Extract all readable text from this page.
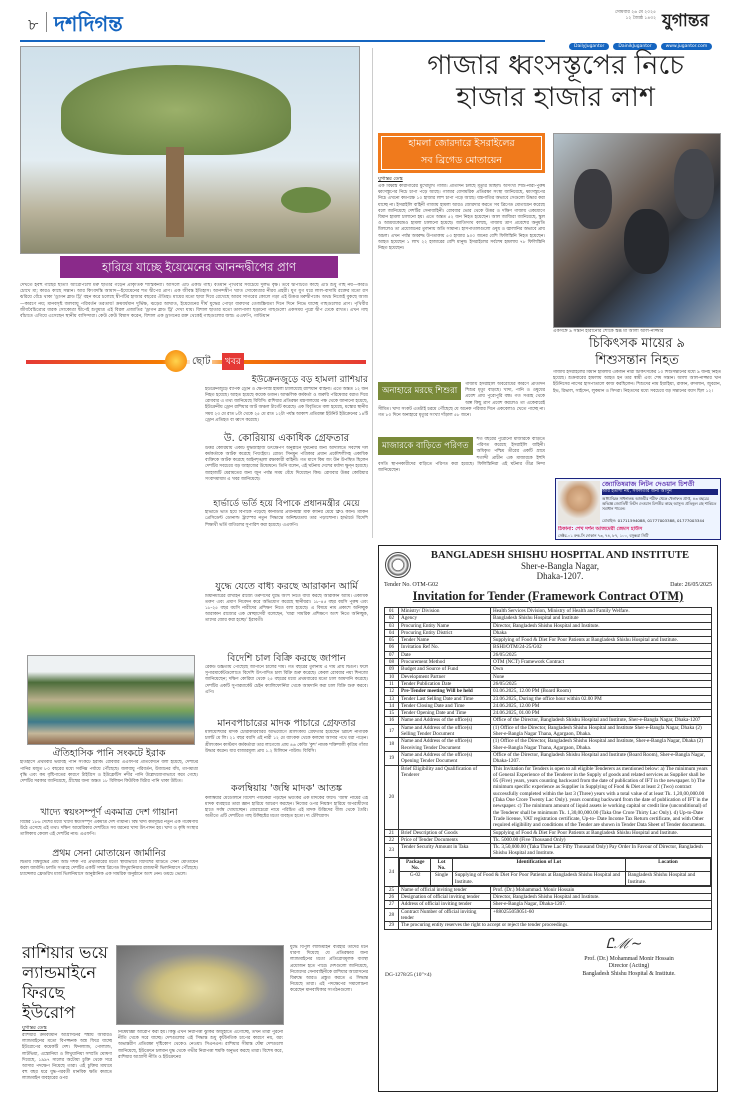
৮ দশদিগন্ত	সোমবার ২৬ মে ২০২৫
১২ জ্যৈষ্ঠ ১৪৩২ যুগান্তর
DailyJugantor	DainikJugantor	www.jugantor.com
হারিয়ে যাচ্ছে ইয়েমেনের আনন্দদ্বীপের প্রাণ
দেখতে হবহু গাছের ছাতা! আরোপলো মরু ছাতার গড়েন প্রাকৃতিক শাস্তিকন্যা। আসলে এটি একটি গাছ। বর্তমান পৃথিবীর সবচেয়ে দুর্লভ বৃক্ষ। তবে দ্বীপটিতে কাছে এটি শুধু গাছ নয়—কারও চোখে মা; কারও কাছে সন্তান। আর কিংবদন্তি আমাদ—ইয়েমেনের শত দ্বীপের প্রাণ। এক জীবন্ত ইতিহাস। আনন্দদ্বীপ খ্যাত সোকোত্রার নীরব প্রহরী। যুগ যুগ ধরে লাল-বাদামি রক্তের মতো রস ঝরিয়ে বেঁচে থাকা 'ড্রাগন ব্লাড ট্রি' বহন করে চলেছে দ্বীপটির হাজার বছরের ঐতিহ্য। মায়ের মতো ছায়া দিয়ে রেখেছে আরব সাগরের কোলে গড়া এই উত্তপ্ত মরুদ্বীপকে। অথচ নিজেই বুকছে আজ—কারণে নয়; মানবসৃষ্ট জলবায়ু পরিবর্তন তরতায়! ক্রমবর্ধমান দুর্ভিক্ষ, ঝড়ের আঘাত, ইয়েমেনের দীর্ঘ যুদ্ধের পোড়া বারুদের তেজস্ক্রিয়তা দিনে দিনে নিভে যাচ্ছে গাছগুলোর প্রাণ। পৃথিবীর জীববৈচিত্র্যের ধারক সোকোত্রা দ্বীপেই শুধুমাত্র এই বিরল প্রজাতির 'ড্রাগন ব্লাড ট্রি' দেখা যায়। বিশাল ছাতার মতো ডালপালা ছড়ানো গাছগুলো একসময় পুরো দ্বীপ ঢেকে রাখত। এখন গাছ বাঁচাতে এগিয়ে এসেছেন স্থানীয় বাসিন্দারা। কেউ কেউ বিশ্বাস করেন, বিশাল এক ড্রাগনের রক্ত থেকেই গাছগুলোর জন্ম। এএফপি, গার্ডিয়ান
ছোট	খবর
ইউক্রেনজুড়ে বড় হামলা রাশিয়ার
ইউক্রেনজুড়ে ব্যাপক ড্রোন ও ক্ষেপণাস্ত্র হামলা চালিয়েছে রাশিয়ান বাহিনী। এতে অন্তত ১২ জন নিহত হয়েছে। আহত হয়েছে কয়েক ডজন। আঞ্চলিক কর্মকর্তা ও জরুরি পরিষেবার বরাত দিয়ে রোববার এ তথ্য জানিয়েছে বিবিসি। রাশিয়ার প্রতিরক্ষা মন্ত্রণালয়ের পক্ষ থেকে জানানো হয়েছে, ইউক্রেনীয় ড্রোন রাশিয়ার আট অঞ্চল টার্গেট করেছে। এক বিবৃতিতে বলা হয়েছে, মস্কোর স্থানীয় সময় ২৩ মে রাত ৮টা থেকে ২৫ মে রাত ১২টা পর্যন্ত আকাশ প্রতিরক্ষা ইউনিট ইউক্রেনের ১৪টি ড্রোন প্রতিহত বা ধ্বংস করেছে।
উ. কোরিয়ায় একাধিক গ্রেফতার
উত্তর কোরিয়ায় একটি যুদ্ধজাহাজ উৎক্ষেপণ অনুষ্ঠানে দুর্ঘটনার জন্য আদালতে সর্বশেষ দল কর্মকর্তাকে আটক করেছে পিয়ংইয়ং। রোডং সিনমুন পত্রিকার প্রধান প্রকৌশলীসহ একাধিক ব্যক্তিকে আটক করেছে আইনশৃঙ্খলা রক্ষাকারী বাহিনী। গত মাসে কিম জং উন উপস্থিত ছিলেন দেশটির সবচেয়ে বড় জাহাজের উদ্বোধনে। তিনি বলেন, এই ঘটনায় দেশের মর্যাদা ক্ষুণ্ন হয়েছে। জাহাজটি মেরামতের জন্য জুন পর্যন্ত সময় বেঁধে দিয়েছেন কিম। রোববার উত্তর কোরিয়ার সংবাদমাধ্যম এ খবর জানিয়েছে।
হার্ভার্ডে ভর্তি হয়ে বিপাকে প্রধানমন্ত্রীর মেয়ে
হার্ভার্ডে ভর্তি হয়ে বিপাকে পড়েছে কানাডার প্রধানমন্ত্রী মার্ক কার্নির মেয়ে ক্লিও কার্নি। মার্কিন প্রেসিডেন্ট ডোনাল্ড ট্রাম্পের নতুন সিদ্ধান্তে অনিশ্চয়তায় তার পড়াশোনা। হার্ভার্ডে বিদেশি শিক্ষার্থী ভর্তি বাতিলের সুপারিশ করা হয়েছে। এএফপি।
যুদ্ধে যেতে বাধ্য করছে আরাকান আর্মি
মিয়ানমারের রাখাইন রাজ্যে তরুণদের যুদ্ধে অংশ নিতে বাধ্য করছে আরাকান আর্মি। একাধিক তরুণ এবং প্রমাণ নিবেদন করে অভিযোগ করেছে স্থানীয়রা। ১৮-৪৫ বছর বয়সি পুরুষ এবং ১৮-২৫ বছর বয়সি নারীদের প্রশিক্ষণ নিতে বলা হয়েছে। এ বিষয়ে নাম প্রকাশে অনিচ্ছুক আরাকান রাজ্যের এক স্বেচ্ছাসেবী বলেছেন, 'যারা সামরিক প্রশিক্ষণে অংশ নিতে অনিচ্ছুক, তাদের জোর করা হচ্ছে।' ইরাবতী।
বিদেশি চাল বিক্রি করছে জাপান
রেকর্ড উচ্চতায় পৌঁছেছে জাপানে চালের দাম। গত বছরের তুলনায় এ দাম প্রায় দ্বিগুণ। ফলে সুপারমার্কেটগুলোতে বিদেশি উৎপাদিত চাল বিক্রি শুরু করেছে। কেবল রোববার নয়া শিনজো জানিয়েছেন; দক্ষিণ কোরিয়া থেকে ২৫ বছরের মধ্যে প্রথমবারের মতো চাল আমদানি করেছে। দেশটির একটি সুপারমার্কেট চেইন ক্যালিফোর্নিয়া থেকে আমদানি করা চাল বিক্রি শুরু করবে। এপি।
মানবপাচারের মাদক পাচারে গ্রেফতার
মালয়েশিয়ার মাদক চোরাকারবারির অভিযোগে শ্রীলংকায় গ্রেফতার হয়েছেন ব্রিটিশ নাগরিক চার্লট মে লি। ২১ বছর বয়সি এই নারী ১২ মে ব্যাংকক থেকে কলম্বো আসার পথে ধরা পড়েন। শ্রীলংকান কাস্টমস কর্মকর্তারা তার লাগেজে প্রায় ৪৬ কেজি 'কুশ' নামক শক্তিশালী কৃত্রিম গাঁজা উদ্ধার করেন। যার বাজারমূল্য প্রায় ১.২ মিলিয়ন পাউন্ড। বিবিসি।
কলম্বিয়ায় 'জম্বি মাদক' আতঙ্ক
কলম্বিয়ার মেডেলিনে বিদেশি পর্যটকরা পড়ছেন ভয়ংকর এক মাদকের ফাঁদে। 'জম্বি' নামের এই মাদক ব্যবহারে তারা জ্ঞান হারিয়ে আচরণ করছেন। নিজের ওপর নিয়ন্ত্রণ হারিয়ে অপরাধীদের হাতে সর্বস্ব খোয়াচ্ছেন। বোরাচেরো নামে পরিচিত এই মাদক উদ্ভিদের বীজ থেকে তৈরি। অতীতে এটি দেশটিতে গাছ উচ্ছিষ্টের মতো ব্যবহৃত হতো। দ্য টেলিগ্রাফ।
ঐতিহাসিক পানি সংকটে ইরাক
ইতিহাসে প্রথমবার ভয়াবহ পানি সংকটে ইরাক। রোববার এএফপির প্রতিবেদনে বলা হয়েছে, দেশটির পানির মজুত ৮০ বছরের মধ্যে সর্বনিম্ন পর্যায়ে পৌঁছেছে। জলবায়ু পরিবর্তন, উজানের বাঁধ, তাপমাত্রা বৃদ্ধি এবং কম বৃষ্টিপাতের কারণে টাইগ্রিস ও ইউফ্রেটিস নদীর পানি উল্লেখযোগ্যভাবে কমে গেছে। দেশটির সরকার জানিয়েছে, গ্রীষ্মের জন্য অন্তত ১৮ বিলিয়ন কিউবিক মিটার পানি থাকা উচিত।
খাদ্যে স্বয়ংসম্পূর্ণ একমাত্র দেশ গায়ানা
বিশ্বের ১৮৬ দেশের মধ্যে খাদ্যে স্বয়ংসম্পূর্ণ একমাত্র দেশ গায়ানা। বিশ্ব খাদ্য কর্মসূচির নতুন এক গবেষণায় উঠে এসেছে এই তথ্য। দক্ষিণ আমেরিকার দেশটিতে সব ধরনের খাদ্য উৎপাদন হয়। খাদ্য ও কৃষি সংস্থার তালিকায় কেবল এই দেশটির নাম। এএফপি।
প্রথম সেনা মোতায়েন জার্মানির
দ্বিতীয় বিশ্বযুদ্ধের প্রায় আট দশক পর প্রথমবারের মতো স্থায়ীভাবে বিদেশের মাটিতে সেনা মোতায়েন করল জার্মানি। চলতি সপ্তাহে দেশটির একটি সশস্ত্র ব্রিগেড লিথুয়ানিয়ার রাজধানী ভিলনিয়াসে পৌঁছেছে। চ্যান্সেলর ফ্রেডরিখ মার্জ ভিলনিয়াসে আনুষ্ঠানিক এক সামরিক অনুষ্ঠানে অংশ নেন। ডয়চে ভেলে।
রাশিয়ার ভয়ে ল্যান্ডমাইনে ফিরছে ইউরোপ
যুগান্তর ডেস্ক
রাশিয়ার ক্রমবর্ধমান আগ্রাসনের শঙ্কায় আবারও ল্যান্ডমাইনের মতো বিপজ্জনক অস্ত্র ফিরে যাচ্ছে ইউরোপের কয়েকটি দেশ। ফিনল্যান্ড, পোল্যান্ড, লাটভিয়া, এস্তোনিয়া ও লিথুয়ানিয়া সম্প্রতি ঘোষণা দিয়েছে, ১৯৯৭ সালের অটোয়া চুক্তি থেকে সরে আসার পদক্ষেপ নিয়েছে তারা। এই চুক্তির মাধ্যমে বহু বছর ধরে যুদ্ধ-পরবর্তী মানবিক ক্ষতি কমাতে ল্যান্ডমাইন ব্যবহারের ওপর
নিষেধাজ্ঞা আরোপ করা হয়। কিন্তু এখন নিরাপত্তা ঝুঁকির অজুহাতে এগোচ্ছে, তখন তারা পুরনো নীতি থেকে সরে যাচ্ছে। দেশগুলোর এই সিদ্ধান্ত শুধু কূটনৈতিক চাপের কারণে নয়, বরং অভ্যন্তরীণ প্রতিরক্ষা দৃষ্টিকোণ থেকেও নেওয়া। সিএনএন। রাশিয়ার সীমান্ত ঘেঁষা দেশগুলো জানিয়েছে, ইউক্রেনে চলমান যুদ্ধ থেকে গভীর নিরাপত্তা হুমকি অনুভব করছে তারা। বিশেষ করে, রাশিয়ার আগ্রাসী নীতি ও ইউক্রেনের
যুদ্ধে বিপুল ল্যান্ডমাইন ব্যবহার তাদের মনে ধারণা দিয়েছে যে প্রতিরক্ষার জন্য ল্যান্ডমাইনের মতো প্রতিরোধমূলক ব্যবস্থা প্রয়োজন হতে পারে। দেশগুলো জানিয়েছে, নিজেদের সেনাবাহিনীকে রাশিয়ার আগ্রাসনের বিরুদ্ধে আরও প্রস্তুত করতে এ সিদ্ধান্ত নিয়েছে তারা। এই পদক্ষেপের সমালোচনা করেছেন মানবাধিকার সংগঠনগুলো।
গাজার ধ্বংসস্তূপের নিচে
হাজার হাজার লাশ
হামলা জোরদারে ইসরাইলের
সব ব্রিগেড মোতায়েন
যুগান্তর ডেস্ক
এক বিধ্বস্ত কারাগারের মুখোমুখি গাজা। প্রতিদিন চলছে মৃত্যুর মিছিল। অসংখ্য শিশু-নারী-পুরুষ ধ্বংসস্তূপের নিচে চাপা পড়ে আছে। গাজার বেসামরিক প্রতিরক্ষা সংস্থা জানিয়েছে, ধ্বংসস্তূপের নিচে এখনো কমপক্ষে ১০ হাজার লাশ চাপা পড়ে আছে। যন্ত্রপাতির অভাবে সেগুলো উদ্ধার করা যাচ্ছে না। ইসরাইলি বাহিনী গাজায় হামলা আরও জোরদার করতে সব ব্রিগেড মোতায়েন করেছে বলে জানিয়েছে দেশটির সেনাবাহিনী। রোববার ভোর থেকে উত্তর ও দক্ষিণ গাজায় একযোগে বিমান হামলা চালানো হয়। এতে অন্তত ৫২ জন নিহত হয়েছেন। আল জাজিরা জানিয়েছে, স্কুল ও আশ্রয়কেন্দ্রেও হামলা চালানো হয়েছে। জাতিসংঘ বলছে, গাজায় ত্রাণ প্রবেশের অনুমতি মিললেও তা প্রয়োজনের তুলনায় অতি সামান্য। হাসপাতালগুলো ওষুধ ও জ্বালানির অভাবে প্রায় অচল। এখন পর্যন্ত অবরুদ্ধ উপত্যকায় ৫৩ হাজার ৯০০ জনের বেশি ফিলিস্তিনি নিহত হয়েছেন। আহত হয়েছেন ১ লাখ ২২ হাজারের বেশি মানুষ। ইসরাইলের সর্বশেষ হামলায় ৭৮ ফিলিস্তিনি নিহত হয়েছেন।
একসঙ্গে ৯ সন্তান হারানোর শোকে স্তব্ধ মা আলা আল-নাজ্জার
চিকিৎসক মায়ের ৯
শিশুসন্তান নিহত
গাজায় ইসরাইলের বিমান হামলায় একজন নারী চিকিৎসকের ১০ শিশুসন্তানের মধ্যে ৯ জনই নিহত হয়েছে। শুক্রবারের হামলায় আহত হন তার স্বামী এবং শেষ সন্তান। আলা আল-নাজ্জার খান ইউনিসের নাসের হাসপাতালে কাজ করছিলেন। শিশুদের নাম ইয়াহিয়া, রাকান, রুসলান, জুবরান, ইভ, রিভাল, সাইদেন, লুকমান ও সিদরা। নিহতদের মধ্যে সবচেয়ে বড় সন্তানের বয়স ছিল ১২।
অনাহারে মরছে শিশুরা
গাজায় ইসরাইলি অবরোধের কারণে প্রতিদিন শিশুর মৃত্যু বাড়ছে। খাদ্য, পানি ও ওষুধের প্রবেশ প্রায় পুরোপুরি বন্ধ। গত সপ্তাহ থেকে অল্প কিছু ত্রাণ প্রবেশ করলেও তা একেবারেই সীমিত। খাদ্য সংকট এতটাই চরমে পৌঁছেছে যে অনেক পরিবার দিনে একবেলাও খেতে পাচ্ছে না। গত ৮০ দিনে অনাহারে মৃত্যুর সংখ্যা দাঁড়াল ৫৮ জনে।
মাজারকে বাড়িতে পরিণত
শত বছরের পুরোনো মাজারকে বাড়িতে পরিণত করেছে ইসরাইলি বাহিনী। অধিকৃত পশ্চিম তীরের একটি গ্রামে শতাব্দী প্রাচীন এক মাজারকে ইহুদি বসতি স্থাপনকারীদের বাড়িতে পরিণত করা হয়েছে। ফিলিস্তিনিরা এই ঘটনার তীব্র নিন্দা জানিয়েছেন।
জ্যোতিষরাজ লিটন দেওয়ান চিশতী
আর হতাশা নয়, সফলতার জন্য আসুন
আধ্যাত্মিক সাধনালব্ধ আজমীর শরীফ থেকে খেলাফত প্রাপ্ত, ৪৩ বছরের অভিজ্ঞ জ্যোতিষী লিটন দেওয়ান চিশতীর কাছে আসুন। প্রতিকূল গ্রহ শান্তিতে সমাধান পাবেন।
মোবাইল: 01711594088, 01777003388, 01777003344
ঠিকানা: শেখ দর্শন আজমেরী জেমস হাউস
সেক্টর-০১ রুক-সি দোকান ৭৩, ৭৪, ৮৭, ১০০, বসুন্ধরা সিটি
BANGLADESH SHISHU HOSPITAL AND INSTITUTE
Sher-e-Bangla Nagar,
Dhaka-1207.
Tender No. OTM-G02	Date: 26/05/2025
Invitation for Tender (Framework Contract OTM)
01	Ministry/ Division	Health Services Division, Ministry of Health and Family Welfare.
02	Agency	Bangladesh Shishu Hospital and Institute
03	Procuring Entity Name	Director, Bangladesh Shishu Hospital and Institute.
04	Procuring Entity District	Dhaka
05	Tender Name	Supplying of Food & Diet For Poor Patients at Bangladesh Shishu Hospital and Institute.
06	Invitation Ref No.	BSHI/OTM/24-25/G02
07	Date	26/05/2025
08	Procurement Method	OTM (NCT) Framework Contract
09	Budget and Source of Fund	Own
10	Development Partner	None
11	Tender Publication Date	26/05/2025
12	Pre-Tender meeting Will be held	03.06.2025, 12.00 PM (Board Room)
13	Tender Last Selling Date and Time	23.06.2025, During the office hour within 02.00 PM
14	Tender Closing Date and Time	24.06.2025, 12.00 PM
15	Tender Opening Date and Time	24.06.2025, 01.00 PM
16	Name and Address of the office(s)	Office of the Director, Bangladesh Shishu Hospital and Institute, Sher-e-Bangla Nagar, Dhaka-1207
17	Name and Address of the office(s) Selling Tender Document	(1) Office of the Director, Bangladesh Shishu Hospital and Institute Sher-e-Bangla Nagar, Dhaka (2) Sher-e-Bangla Nagar Thana, Agargaon, Dhaka.
18	Name and Address of the office(s) Receiving Tender Document	(1) Office of the Director, Bangladesh Shishu Hospital and Institute, Sher-e-Bangla Nagar, Dhaka (2) Sher-e-Bangla Nagar Thana, Agargaon, Dhaka.
19	Name and Address of the office(s) Opening Tender Document	Office of the Director, Bangladesh Shishu Hospital and Institute (Board Room), Sher-e-Bangla Nagar, Dhaka-1207.
20	Brief Eligibility and Qualification of Tenderer	This Invitation for Tenders is open to all eligible Tenderers as mentioned below: a) The minimum years of General Experience of the Tenderer in the Supply of goods and related services as Supplier shall be 05 (Five) years, years counting backward from the date of publication of IFT in the newspaper. b) The minimum specific experience as Supplier in Supplying of Food & Diet at least 2 (Two) contract successfully completed within the last 3 (Three) years with a total value of at least Tk. 1,20,00,000.00 (Taka One Crore Twenty Lac Only). years counting backward from the date of publication of IFT in the newspaper. c) The minimum amount of liquid assets ie working capital or credit line (unconditional) of the Tenderer shall be minimum Tk. 1,30,00,000.00 (Taka One Crore Thirty Lac Only). d) Up-to-Date Trade license, VAT registration certificate, Up-to- Date Income Tax Return certificate, and with Other required eligibility and conditions of the Tender are shown in Tender Data Sheet of Tender documents.
21	Brief Description of Goods	Supplying of Food & Diet For Poor Patients at Bangladesh Shishu Hospital and Institute.
22	Price of Tender Documents	Tk. 5000.00 (Five Thousand Only)
23	Tender Security Amount in Taka	Tk. 3,50,000.00 (Taka Three Lac Fifty Thousand Only) Pay Order In Favour of Director, Bangladesh Shishu Hospital and Institute.
24	
Package No.	Lot No.	Identification of Lot	Location
G-02	Single	Supplying of Food & Diet For Poor Patients at Bangladesh Shishu Hospital and Institute.	Bangladesh Shishu Hospital and Institute.

25	Name of official inviting tender	Prof. (Dr.) Mohammad. Monir Hossain
26	Designation of official inviting tender	Director, Bangladesh Shishu Hospital and Institute.
27	Address of official inviting tender	Sher-e-Bangla Nagar, Dhaka-1207.
28	Contract Number of official inviting tender	+880255059051-60
29	The procuring entity reserves the right to accept or reject the tender proceedings.
Ꮭℳ∼
Prof. (Dr.) Mohammad Monir Hossain
Director (Acting)
Bangladesh Shishu Hospital & Institute.
DG-1278/25 (10"×4)
